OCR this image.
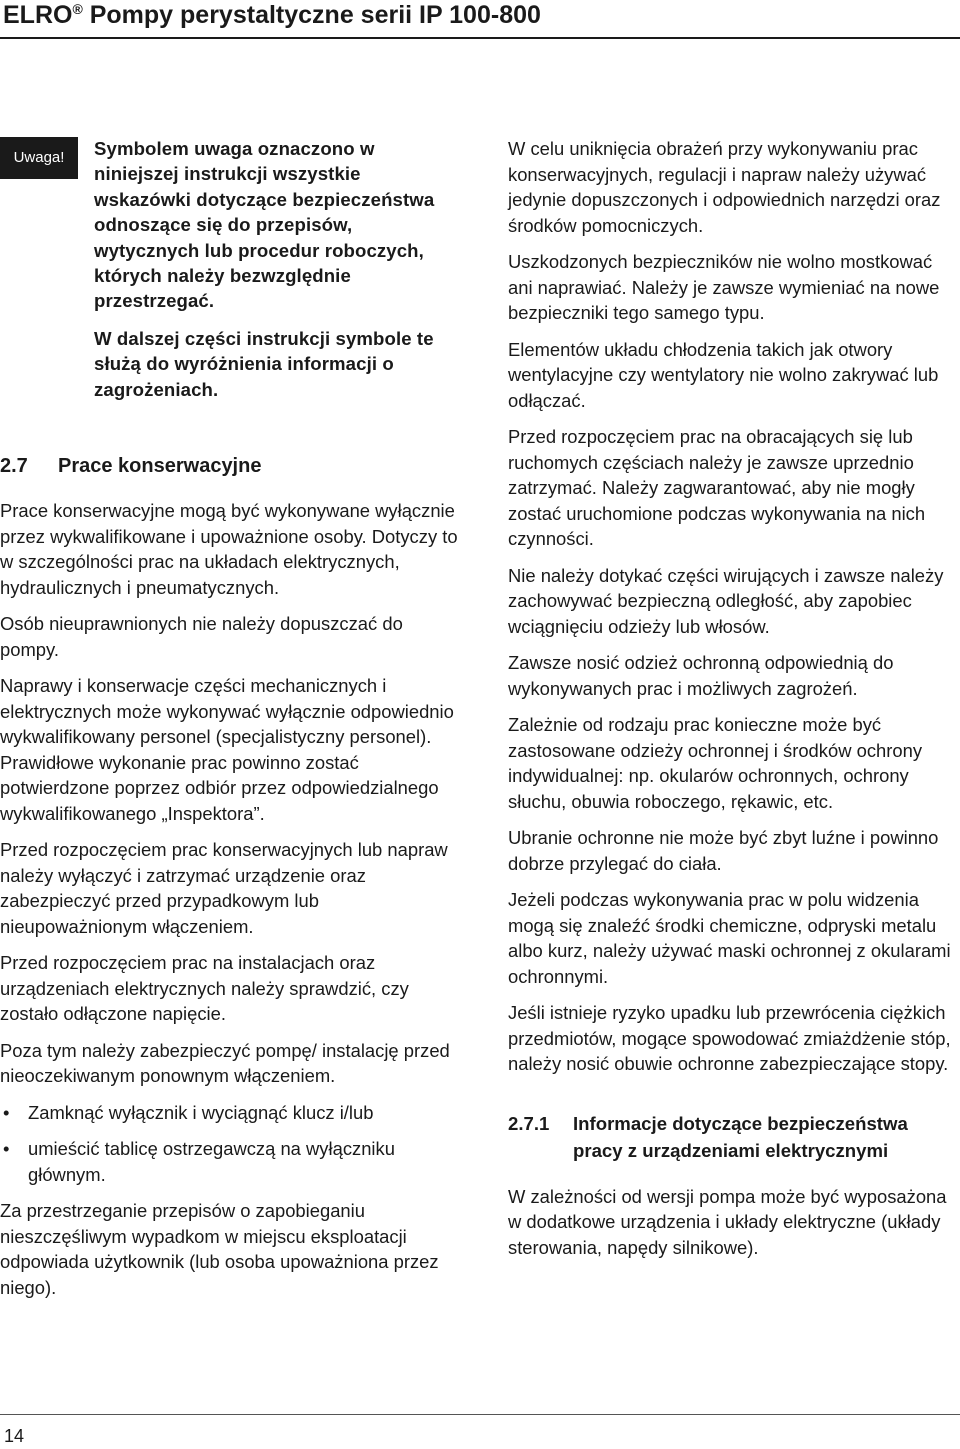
ELRO® Pompy perystaltyczne serii IP 100-800
Uwaga!	Symbolem uwaga oznaczono w niniejszej instrukcji wszystkie wskazówki dotyczące bezpieczeństwa odnoszące się do przepisów, wytycznych lub procedur roboczych, których należy bezwzględnie przestrzegać.

W dalszej części instrukcji symbole te służą do wyróżnienia informacji o zagrożeniach.

2.7 Prace konserwacyjne

Prace konserwacyjne mogą być wykonywane wyłącznie przez wykwalifikowane i upoważnione osoby. Dotyczy to w szczególności prac na układach elektrycznych, hydraulicznych i pneumatycznych.

Osób nieuprawnionych nie należy dopuszczać do pompy.

Naprawy i konserwacje części mechanicznych i elektrycznych może wykonywać wyłącznie odpowiednio wykwalifikowany personel (specjalistyczny personel). Prawidłowe wykonanie prac powinno zostać potwierdzone poprzez odbiór przez odpowiedzialnego wykwalifikowanego „Inspektora”.

Przed rozpoczęciem prac konserwacyjnych lub napraw należy wyłączyć i zatrzymać urządzenie oraz zabezpieczyć przed przypadkowym lub nieupoważnionym włączeniem.

Przed rozpoczęciem prac na instalacjach oraz urządzeniach elektrycznych należy sprawdzić, czy zostało odłączone napięcie.

Poza tym należy zabezpieczyć pompę/ instalację przed nieoczekiwanym ponownym włączeniem.

• Zamknąć wyłącznik i wyciągnąć klucz i/lub
• umieścić tablicę ostrzegawczą na wyłączniku głównym.

Za przestrzeganie przepisów o zapobieganiu nieszczęśliwym wypadkom w miejscu eksploatacji odpowiada użytkownik (lub osoba upoważniona przez niego).

W celu uniknięcia obrażeń przy wykonywaniu prac konserwacyjnych, regulacji i napraw należy używać jedynie dopuszczonych i odpowiednich narzędzi oraz środków pomocniczych.

Uszkodzonych bezpieczników nie wolno mostkować ani naprawiać. Należy je zawsze wymieniać na nowe bezpieczniki tego samego typu.

Elementów układu chłodzenia takich jak otwory wentylacyjne czy wentylatory nie wolno zakrywać lub odłączać.

Przed rozpoczęciem prac na obracających się lub ruchomych częściach należy je zawsze uprzednio zatrzymać. Należy zagwarantować, aby nie mogły zostać uruchomione podczas wykonywania na nich czynności.

Nie należy dotykać części wirujących i zawsze należy zachowywać bezpieczną odległość, aby zapobiec wciągnięciu odzieży lub włosów.

Zawsze nosić odzież ochronną odpowiednią do wykonywanych prac i możliwych zagrożeń.

Zależnie od rodzaju prac konieczne może być zastosowane odzieży ochronnej i środków ochrony indywidualnej: np. okularów ochronnych, ochrony słuchu, obuwia roboczego, rękawic, etc.

Ubranie ochronne nie może być zbyt luźne i powinno dobrze przylegać do ciała.

Jeżeli podczas wykonywania prac w polu widzenia mogą się znaleźć środki chemiczne, odpryski metalu albo kurz, należy używać maski ochronnej z okularami ochronnymi.

Jeśli istnieje ryzyko upadku lub przewrócenia ciężkich przedmiotów, mogące spowodować zmiażdżenie stóp, należy nosić obuwie ochronne zabezpieczające stopy.

2.7.1	Informacje dotyczące bezpieczeństwa pracy z urządzeniami elektrycznymi

W zależności od wersji pompa może być wyposażona w dodatkowe urządzenia i układy elektryczne (układy sterowania, napędy silnikowe).

14
